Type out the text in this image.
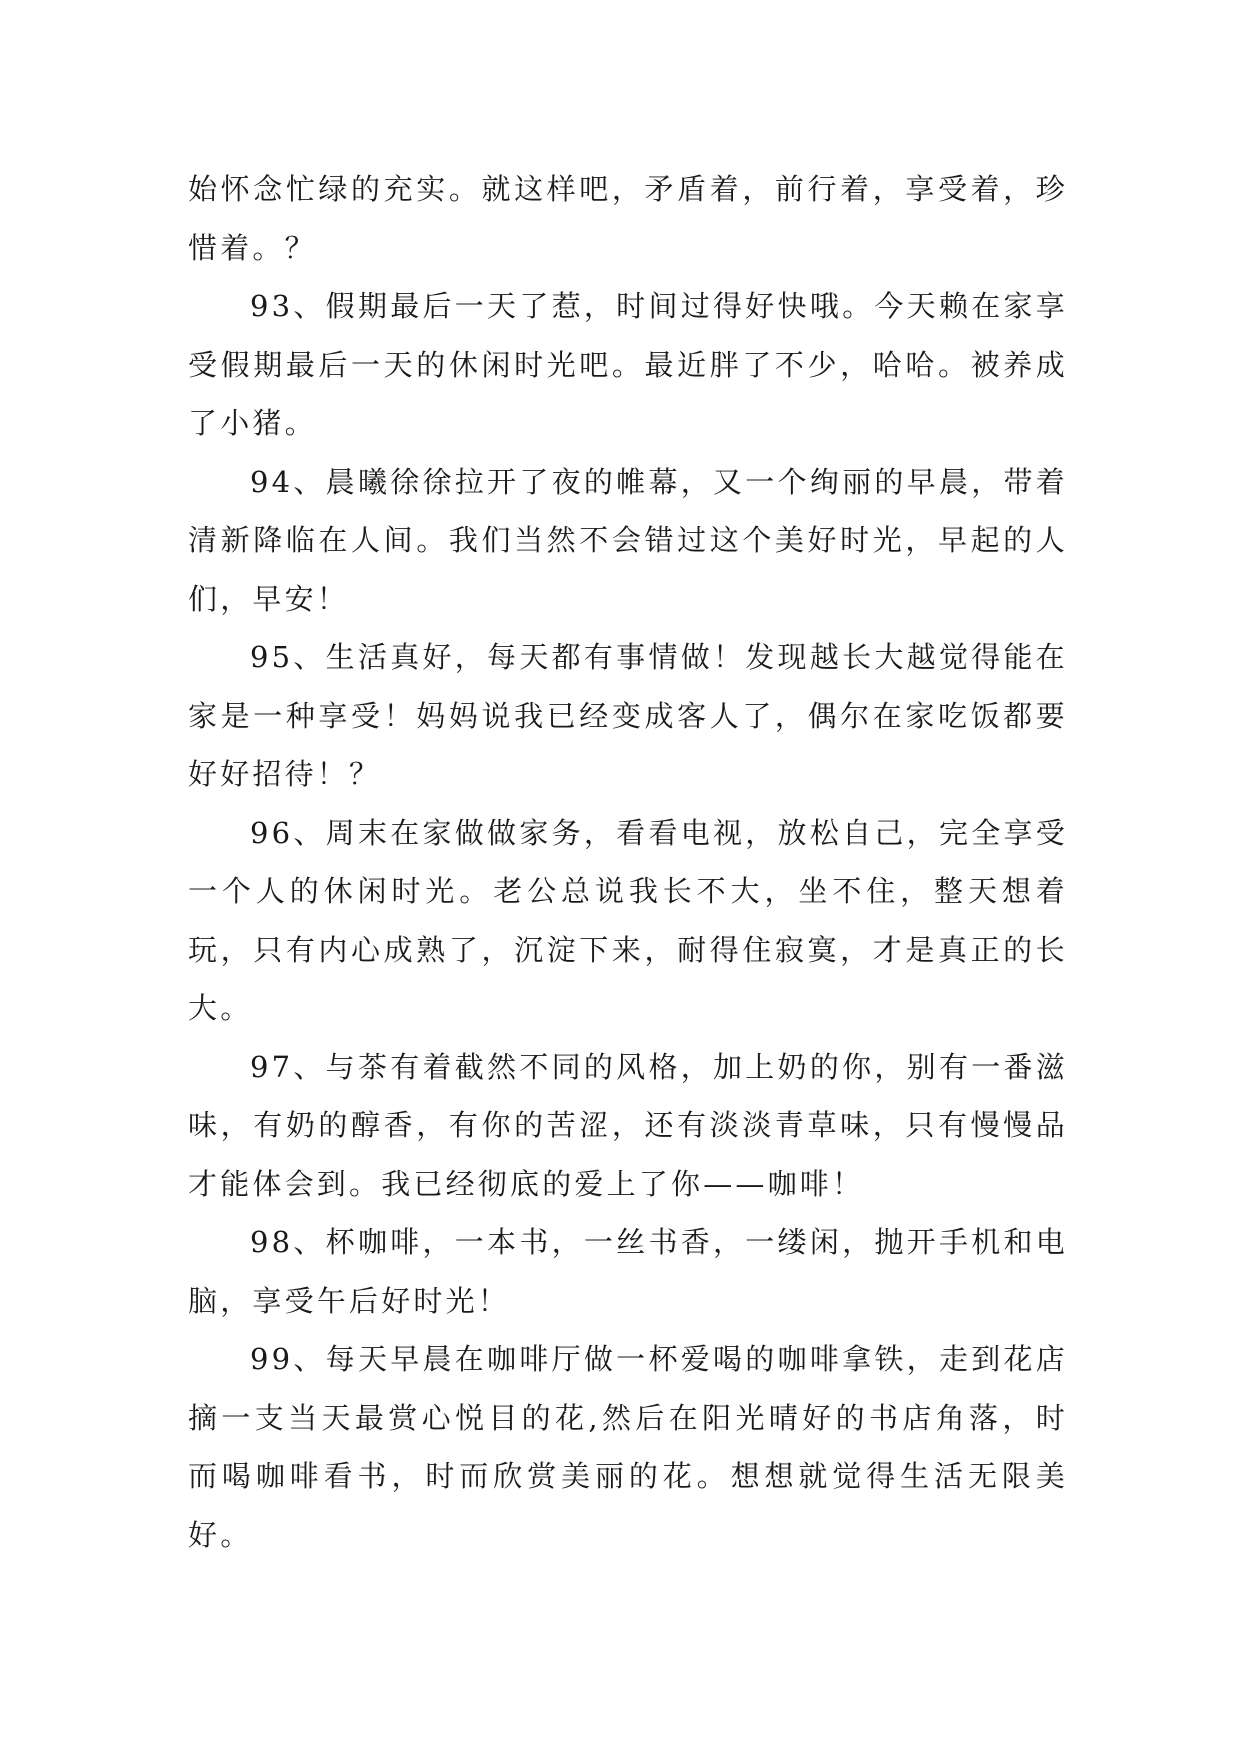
始怀念忙绿的充实。就这样吧，矛盾着，前行着，享受着，珍惜着。？

93、假期最后一天了惹，时间过得好快哦。今天赖在家享受假期最后一天的休闲时光吧。最近胖了不少，哈哈。被养成了小猪。

94、晨曦徐徐拉开了夜的帷幕，又一个绚丽的早晨，带着清新降临在人间。我们当然不会错过这个美好时光，早起的人们，早安！

95、生活真好，每天都有事情做！发现越长大越觉得能在家是一种享受！妈妈说我已经变成客人了，偶尔在家吃饭都要好好招待！？

96、周末在家做做家务，看看电视，放松自己，完全享受一个人的休闲时光。老公总说我长不大，坐不住，整天想着玩，只有内心成熟了，沉淀下来，耐得住寂寞，才是真正的长大。

97、与茶有着截然不同的风格，加上奶的你，别有一番滋味，有奶的醇香，有你的苦涩，还有淡淡青草味，只有慢慢品才能体会到。我已经彻底的爱上了你——咖啡！

98、杯咖啡，一本书，一丝书香，一缕闲，抛开手机和电脑，享受午后好时光！

99、每天早晨在咖啡厅做一杯爱喝的咖啡拿铁，走到花店摘一支当天最赏心悦目的花,然后在阳光晴好的书店角落，时而喝咖啡看书，时而欣赏美丽的花。想想就觉得生活无限美好。
